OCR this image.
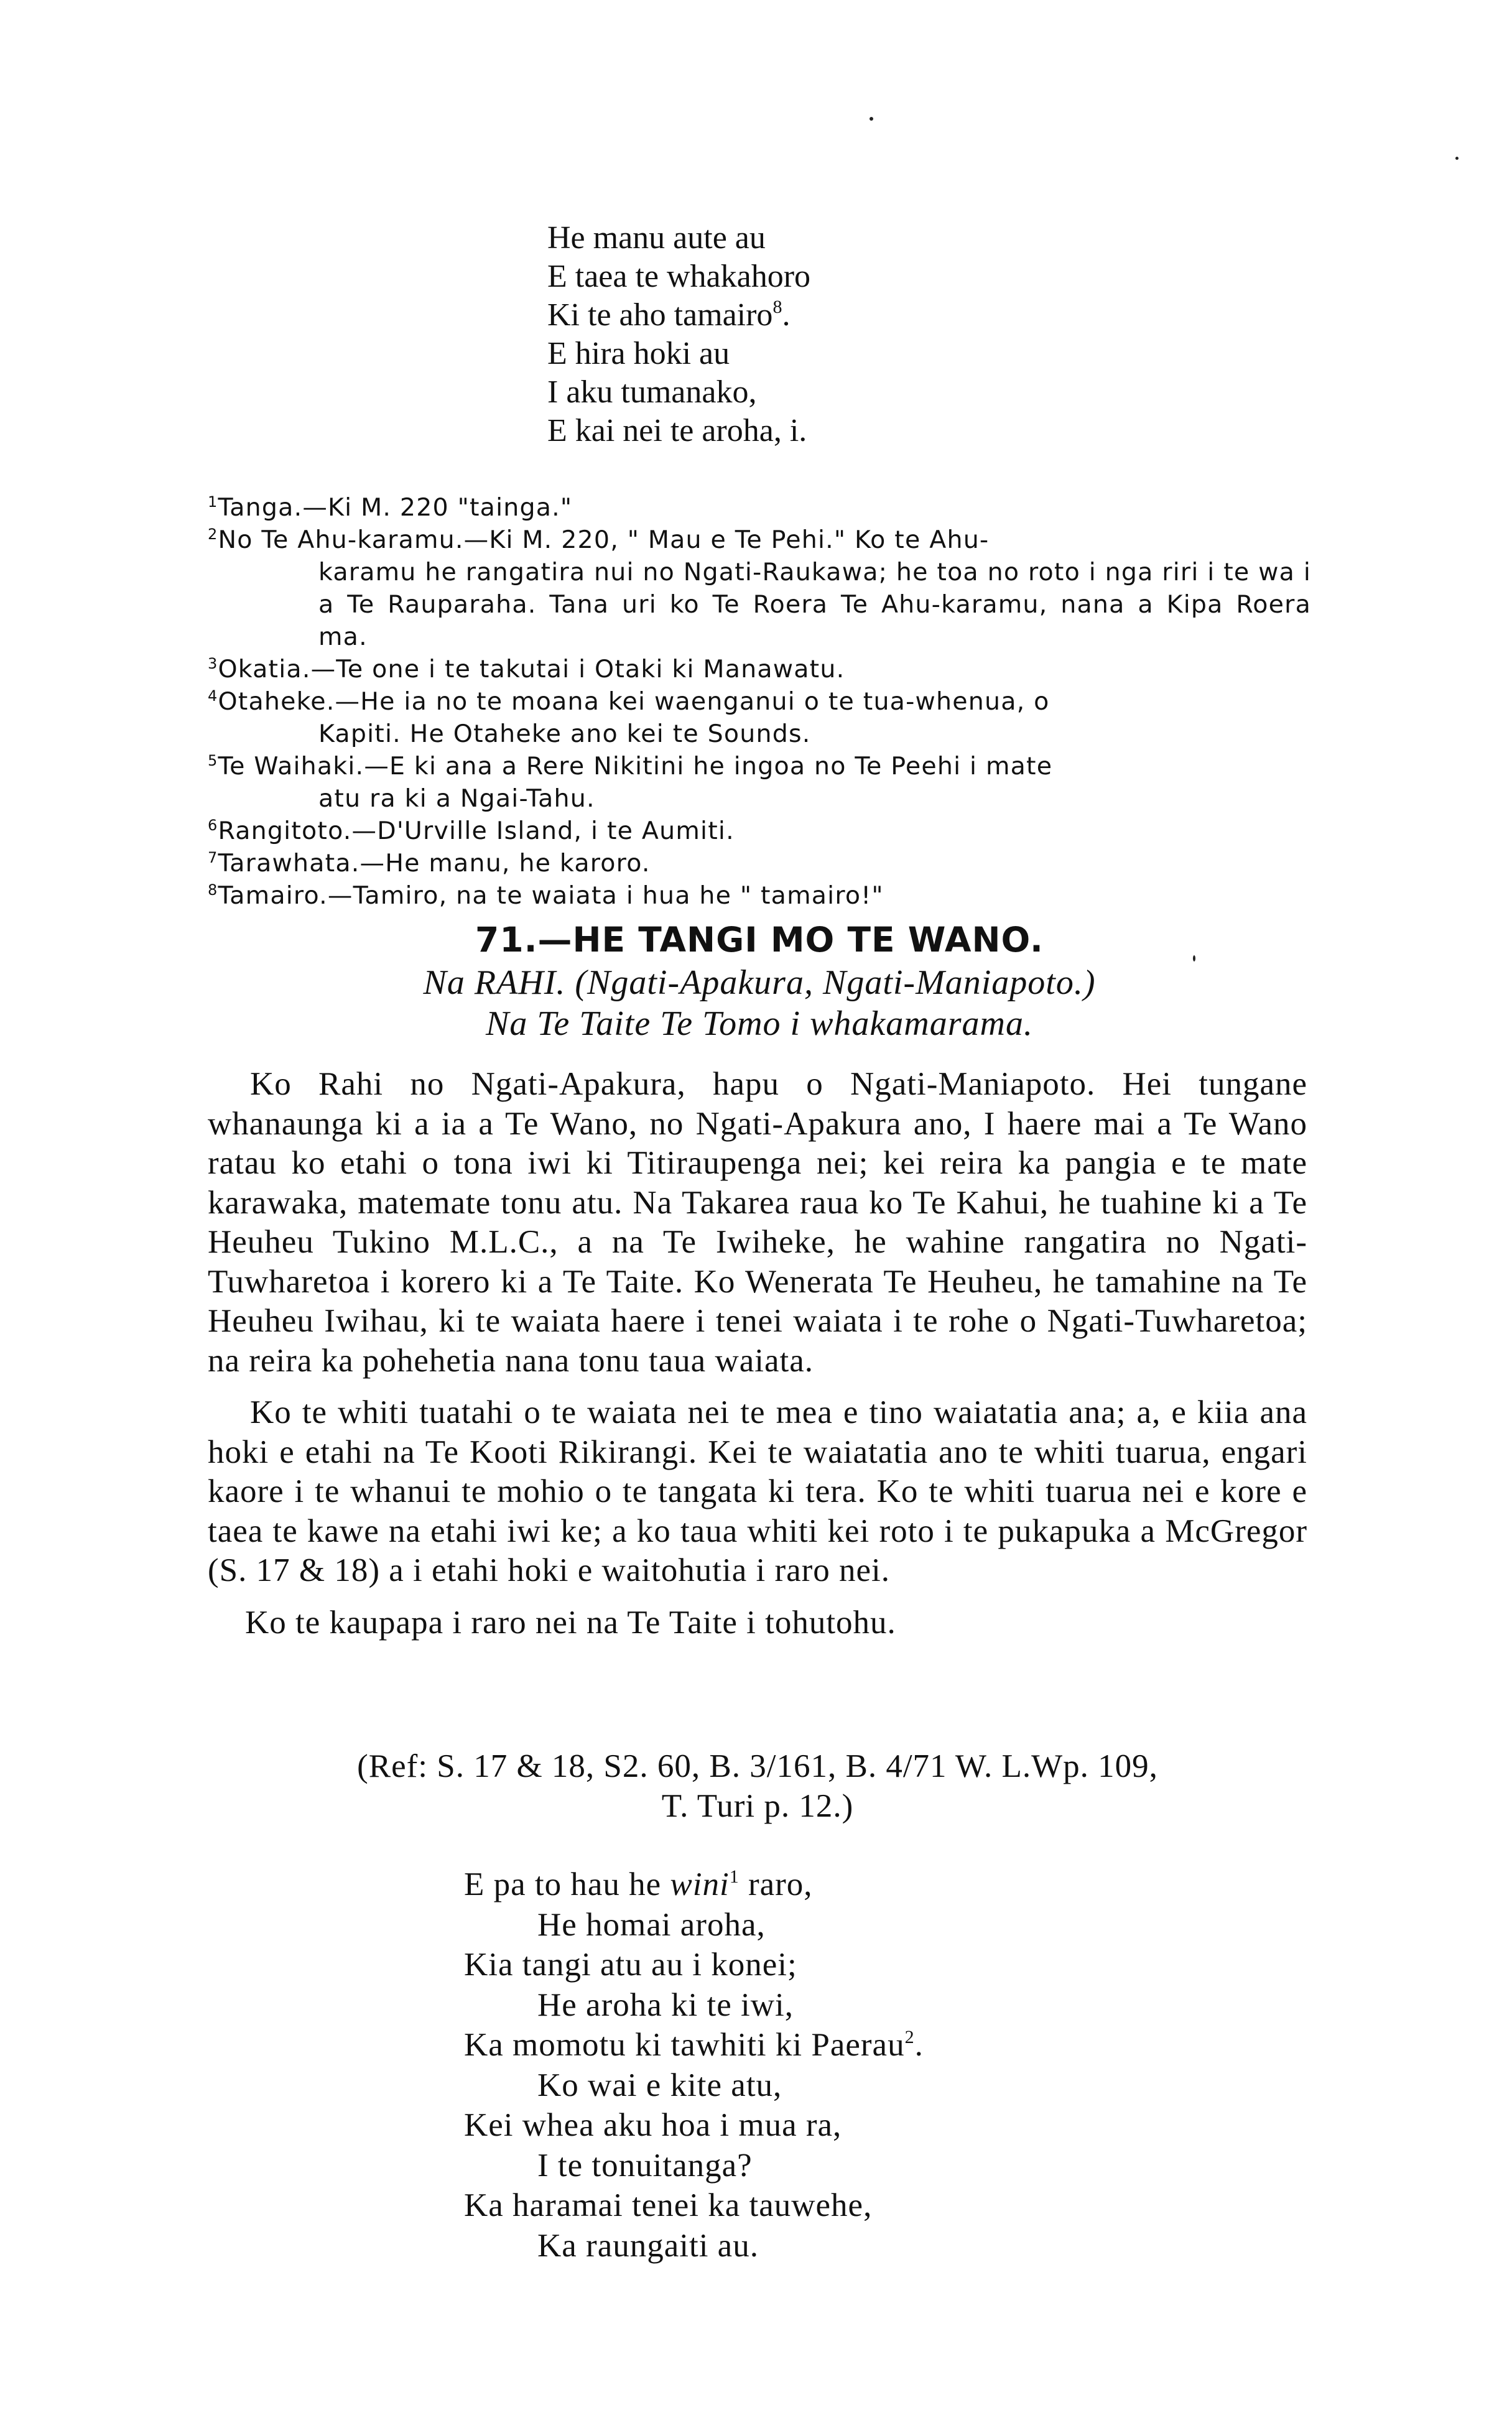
He manu aute au
E taea te whakahoro
Ki te aho tamairo$^8$.
E hira hoki au
I aku tumanako,
E kai nei te aroha, i.
$^1$Tanga.—Ki M. 220 "tainga."
$^2$No Te Ahu-karamu.—Ki M. 220, " Mau e Te Pehi." Ko te Ahu-
karamu he rangatira nui no Ngati-Raukawa; he toa no roto i nga riri i te wa i a Te Rauparaha. Tana uri ko Te Roera Te Ahu-karamu, nana a Kipa Roera ma.
$^3$Okatia.—Te one i te takutai i Otaki ki Manawatu.
$^4$Otaheke.—He ia no te moana kei waenganui o te tua-whenua, o
Kapiti. He Otaheke ano kei te Sounds.
$^5$Te Waihaki.—E ki ana a Rere Nikitini he ingoa no Te Peehi i mate
atu ra ki a Ngai-Tahu.
$^6$Rangitoto.—D'Urville Island, i te Aumiti.
$^7$Tarawhata.—He manu, he karoro.
$^8$Tamairo.—Tamiro, na te waiata i hua he " tamairo!"
71.—HE TANGI MO TE WANO.
Na RAHI. (Ngati-Apakura, Ngati-Maniapoto.)
Na Te Taite Te Tomo i whakamarama.

Ko Rahi no Ngati-Apakura, hapu o Ngati-Maniapoto. Hei tungane whanaunga ki a ia a Te Wano, no Ngati-Apakura ano, I haere mai a Te Wano ratau ko etahi o tona iwi ki Titiraupenga nei; kei reira ka pangia e te mate karawaka, matemate tonu atu. Na Takarea raua ko Te Kahui, he tuahine ki a Te Heuheu Tukino M.L.C., a na Te Iwiheke, he wahine rangatira no Ngati-Tuwharetoa i korero ki a Te Taite. Ko Wenerata Te Heuheu, he tamahine na Te Heuheu Iwihau, ki te waiata haere i tenei waiata i te rohe o Ngati-Tuwharetoa; na reira ka pohehetia nana tonu taua waiata.

Ko te whiti tuatahi o te waiata nei te mea e tino waiatatia ana; a, e kiia ana hoki e etahi na Te Kooti Rikirangi. Kei te waiatatia ano te whiti tuarua, engari kaore i te whanui te mohio o te tangata ki tera. Ko te whiti tuarua nei e kore e taea te kawe na etahi iwi ke; a ko taua whiti kei roto i te pukapuka a McGregor (S. 17 & 18) a i etahi hoki e waitohutia i raro nei.

Ko te kaupapa i raro nei na Te Taite i tohutohu.

(Ref: S. 17 & 18, S2. 60, B. 3/161, B. 4/71 W. L.Wp. 109,
T. Turi p. 12.)
E pa to hau he wini$^1$ raro,
He homai aroha,
Kia tangi atu au i konei;
He aroha ki te iwi,
Ka momotu ki tawhiti ki Paerau$^2$.
Ko wai e kite atu,
Kei whea aku hoa i mua ra,
I te tonuitanga?
Ka haramai tenei ka tauwehe,
Ka raungaiti au.
